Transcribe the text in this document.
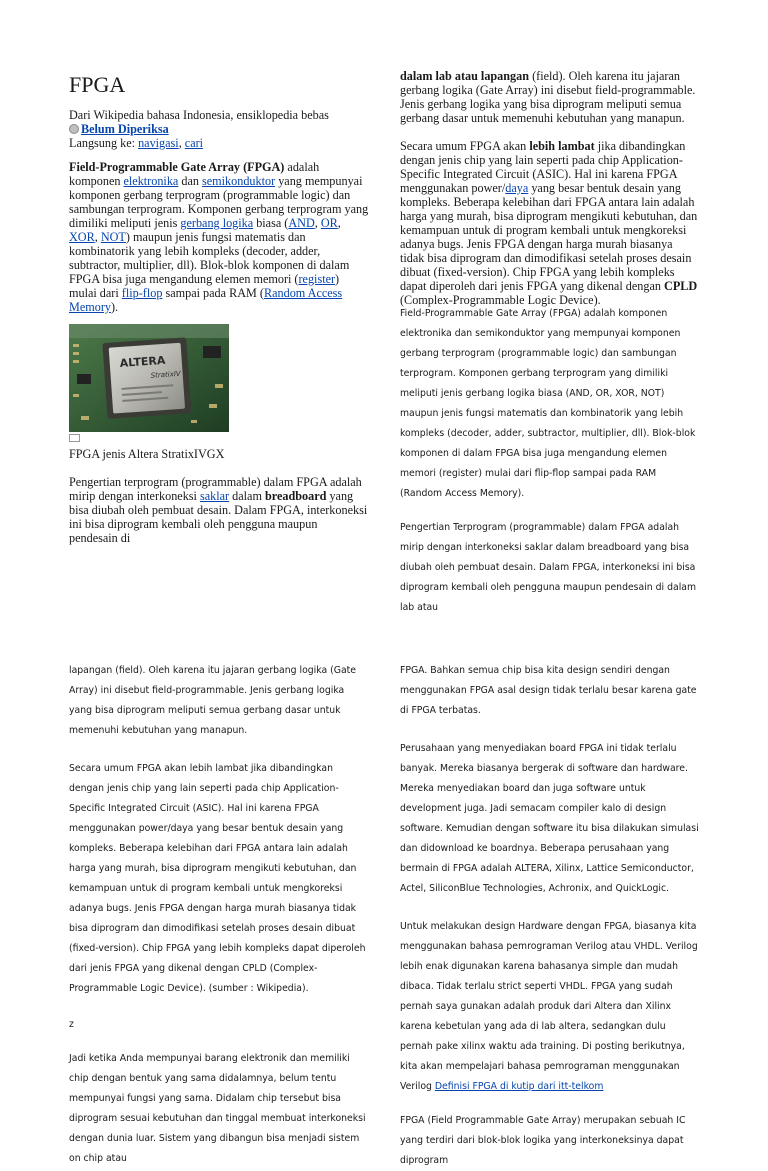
FPGA

Dari Wikipedia bahasa Indonesia, ensiklopedia bebas

Belum Diperiksa

Langsung ke: navigasi, cari

Field-Programmable Gate Array (FPGA) adalah komponen elektronika dan semikonduktor yang mempunyai komponen gerbang terprogram (programmable logic) dan sambungan terprogram. Komponen gerbang terprogram yang dimiliki meliputi jenis gerbang logika biasa (AND, OR, XOR, NOT) maupun jenis fungsi matematis dan kombinatorik yang lebih kompleks (decoder, adder, subtractor, multiplier, dll). Blok-blok komponen di dalam FPGA bisa juga mengandung elemen memori (register) mulai dari flip-flop sampai pada RAM (Random Access Memory).

ALTERA
StratixIV

FPGA jenis Altera StratixIVGX

Pengertian terprogram (programmable) dalam FPGA adalah mirip dengan interkoneksi saklar dalam breadboard yang bisa diubah oleh pembuat desain. Dalam FPGA, interkoneksi ini bisa diprogram kembali oleh pengguna maupun pendesain di

dalam lab atau lapangan (field). Oleh karena itu jajaran gerbang logika (Gate Array) ini disebut field-programmable. Jenis gerbang logika yang bisa diprogram meliputi semua gerbang dasar untuk memenuhi kebutuhan yang manapun.

Secara umum FPGA akan lebih lambat jika dibandingkan dengan jenis chip yang lain seperti pada chip Application-Specific Integrated Circuit (ASIC). Hal ini karena FPGA menggunakan power/daya yang besar bentuk desain yang kompleks. Beberapa kelebihan dari FPGA antara lain adalah harga yang murah, bisa diprogram mengikuti kebutuhan, dan kemampuan untuk di program kembali untuk mengkoreksi adanya bugs. Jenis FPGA dengan harga murah biasanya tidak bisa diprogram dan dimodifikasi setelah proses desain dibuat (fixed-version). Chip FPGA yang lebih kompleks dapat diperoleh dari jenis FPGA yang dikenal dengan CPLD (Complex-Programmable Logic Device).

Field-Programmable Gate Array (FPGA) adalah komponen elektronika dan semikonduktor yang mempunyai komponen gerbang terprogram (programmable logic) dan sambungan terprogram. Komponen gerbang terprogram yang dimiliki meliputi jenis gerbang logika biasa (AND, OR, XOR, NOT) maupun jenis fungsi matematis dan kombinatorik yang lebih kompleks (decoder, adder, subtractor, multiplier, dll). Blok-blok komponen di dalam FPGA bisa juga mengandung elemen memori (register) mulai dari flip-flop sampai pada RAM (Random Access Memory).

Pengertian Terprogram (programmable) dalam FPGA adalah mirip dengan interkoneksi saklar dalam breadboard yang bisa diubah oleh pembuat desain. Dalam FPGA, interkoneksi ini bisa diprogram kembali oleh pengguna maupun pendesain di dalam lab atau

lapangan (field). Oleh karena itu jajaran gerbang logika (Gate Array) ini disebut field-programmable. Jenis gerbang logika yang bisa diprogram meliputi semua gerbang dasar untuk memenuhi kebutuhan yang manapun.

Secara umum FPGA akan lebih lambat jika dibandingkan dengan jenis chip yang lain seperti pada chip Application-Specific Integrated Circuit (ASIC). Hal ini karena FPGA menggunakan power/daya yang besar bentuk desain yang kompleks. Beberapa kelebihan dari FPGA antara lain adalah harga yang murah, bisa diprogram mengikuti kebutuhan, dan kemampuan untuk di program kembali untuk mengkoreksi adanya bugs. Jenis FPGA dengan harga murah biasanya tidak bisa diprogram dan dimodifikasi setelah proses desain dibuat (fixed-version). Chip FPGA yang lebih kompleks dapat diperoleh dari jenis FPGA yang dikenal dengan CPLD (Complex-Programmable Logic Device). (sumber : Wikipedia).

z

Jadi ketika Anda mempunyai barang elektronik dan memiliki chip dengan bentuk yang sama didalamnya, belum tentu mempunyai fungsi yang sama. Didalam chip tersebut bisa diprogram sesuai kebutuhan dan tinggal membuat interkoneksi dengan dunia luar. Sistem yang dibangun bisa menjadi sistem on chip atau

FPGA. Bahkan semua chip bisa kita design sendiri dengan menggunakan FPGA asal design tidak terlalu besar karena gate di FPGA terbatas.

Perusahaan yang menyediakan board FPGA ini tidak terlalu banyak. Mereka biasanya bergerak di software dan hardware. Mereka menyediakan board dan juga software untuk development juga. Jadi semacam compiler kalo di design software. Kemudian dengan software itu bisa dilakukan simulasi dan didownload ke boardnya. Beberapa perusahaan yang bermain di FPGA adalah ALTERA, Xilinx, Lattice Semiconductor, Actel, SiliconBlue Technologies, Achronix, and QuickLogic.

Untuk melakukan design Hardware dengan FPGA, biasanya kita menggunakan bahasa pemrograman Verilog atau VHDL. Verilog lebih enak digunakan karena bahasanya simple dan mudah dibaca. Tidak terlalu strict seperti VHDL. FPGA yang sudah pernah saya gunakan adalah produk dari Altera dan Xilinx karena kebetulan yang ada di lab altera, sedangkan dulu pernah pake xilinx waktu ada training. Di posting berikutnya, kita akan mempelajari bahasa pemrograman menggunakan Verilog Definisi FPGA di kutip dari itt-telkom

FPGA (Field Programmable Gate Array) merupakan sebuah IC yang terdiri dari blok-blok logika yang interkoneksinya dapat diprogram
